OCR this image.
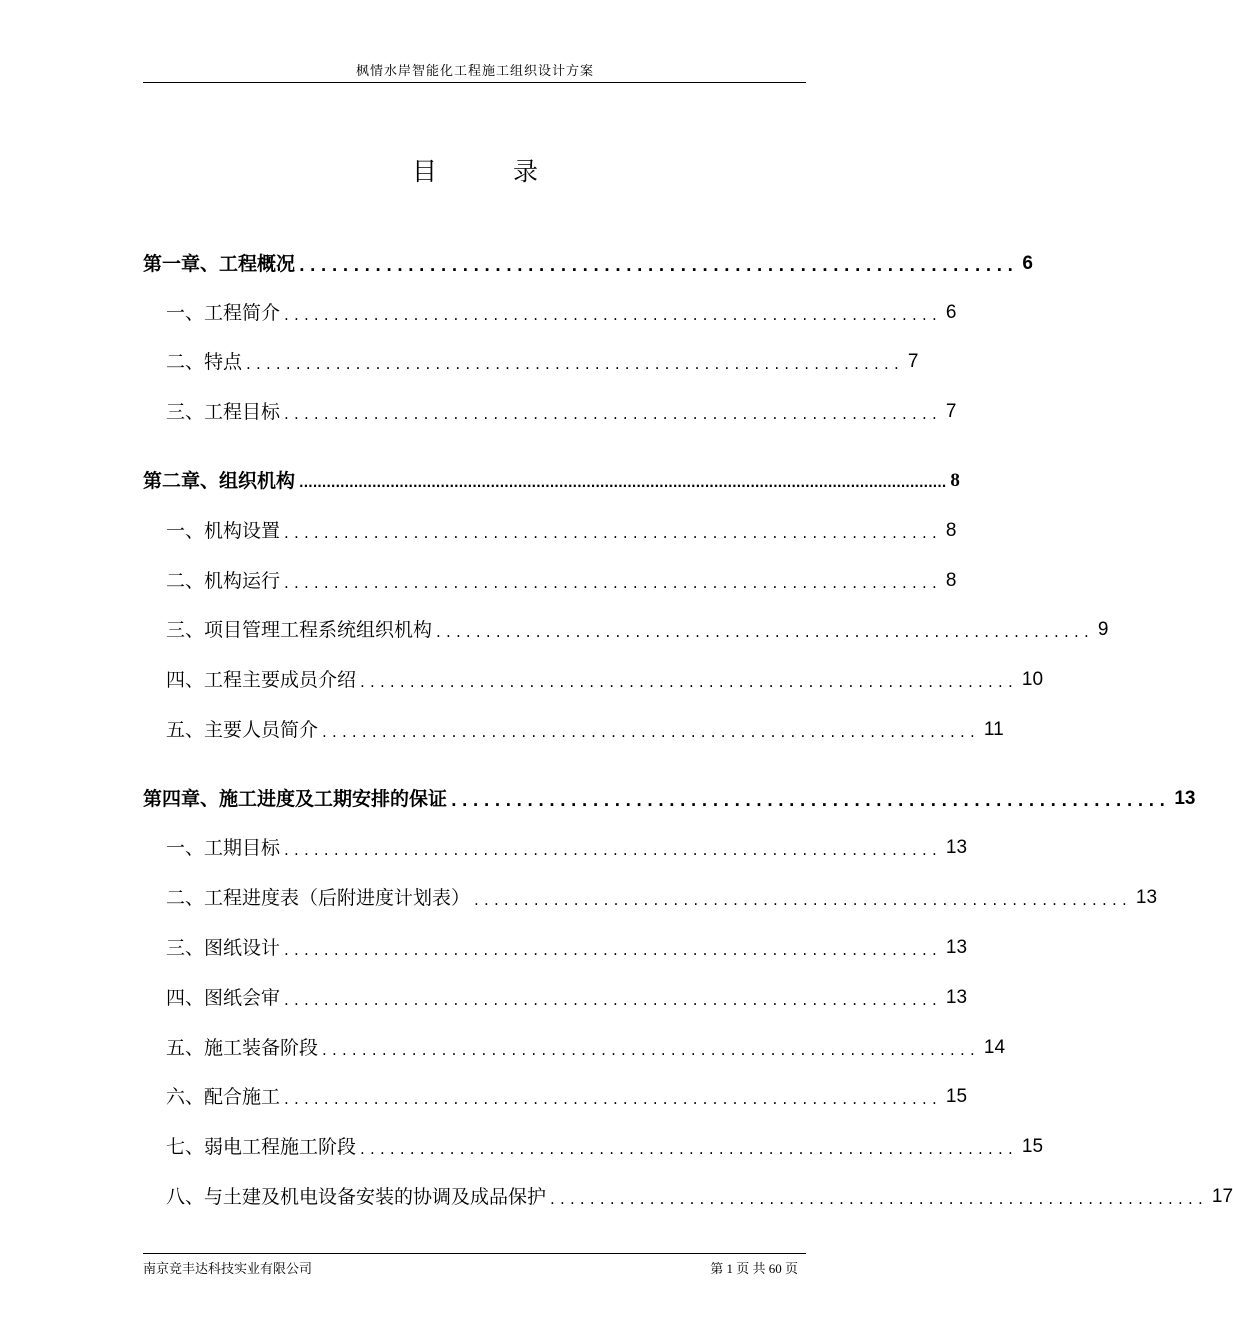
枫情水岸智能化工程施工组织设计方案
目	录
第一章、工程概况 .................................................................. 6
一、工程简介 .................................................................. 6
二、特点 .................................................................. 7
三、工程目标 .................................................................. 7
第二章、组织机构 .............................................................................................................................................. 8
一、机构设置 .................................................................. 8
二、机构运行 .................................................................. 8
三、项目管理工程系统组织机构 .................................................................. 9
四、工程主要成员介绍 .................................................................. 10
五、主要人员简介 .................................................................. 11
第四章、施工进度及工期安排的保证 .................................................................. 13
一、工期目标 .................................................................. 13
二、工程进度表（后附进度计划表） .................................................................. 13
三、图纸设计 .................................................................. 13
四、图纸会审 .................................................................. 13
五、施工装备阶段 .................................................................. 14
六、配合施工 .................................................................. 15
七、弱电工程施工阶段 .................................................................. 15
八、与土建及机电设备安装的协调及成品保护 .................................................................. 17
南京竞丰达科技实业有限公司	第 1 页 共 60 页
